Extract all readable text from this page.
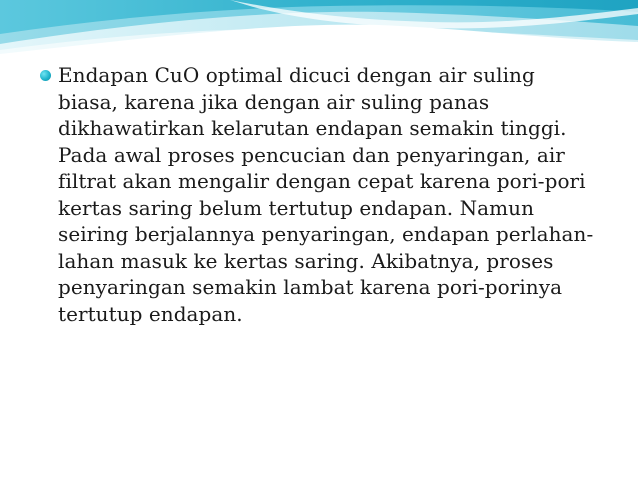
Endapan CuO optimal dicuci dengan air suling biasa, karena jika dengan air suling panas dikhawatirkan kelarutan endapan semakin tinggi. Pada awal proses pencucian dan penyaringan, air filtrat akan mengalir dengan cepat karena pori-pori kertas saring belum tertutup endapan. Namun seiring berjalannya penyaringan, endapan perlahan-lahan masuk ke kertas saring. Akibatnya, proses penyaringan semakin lambat karena pori-porinya tertutup endapan.
